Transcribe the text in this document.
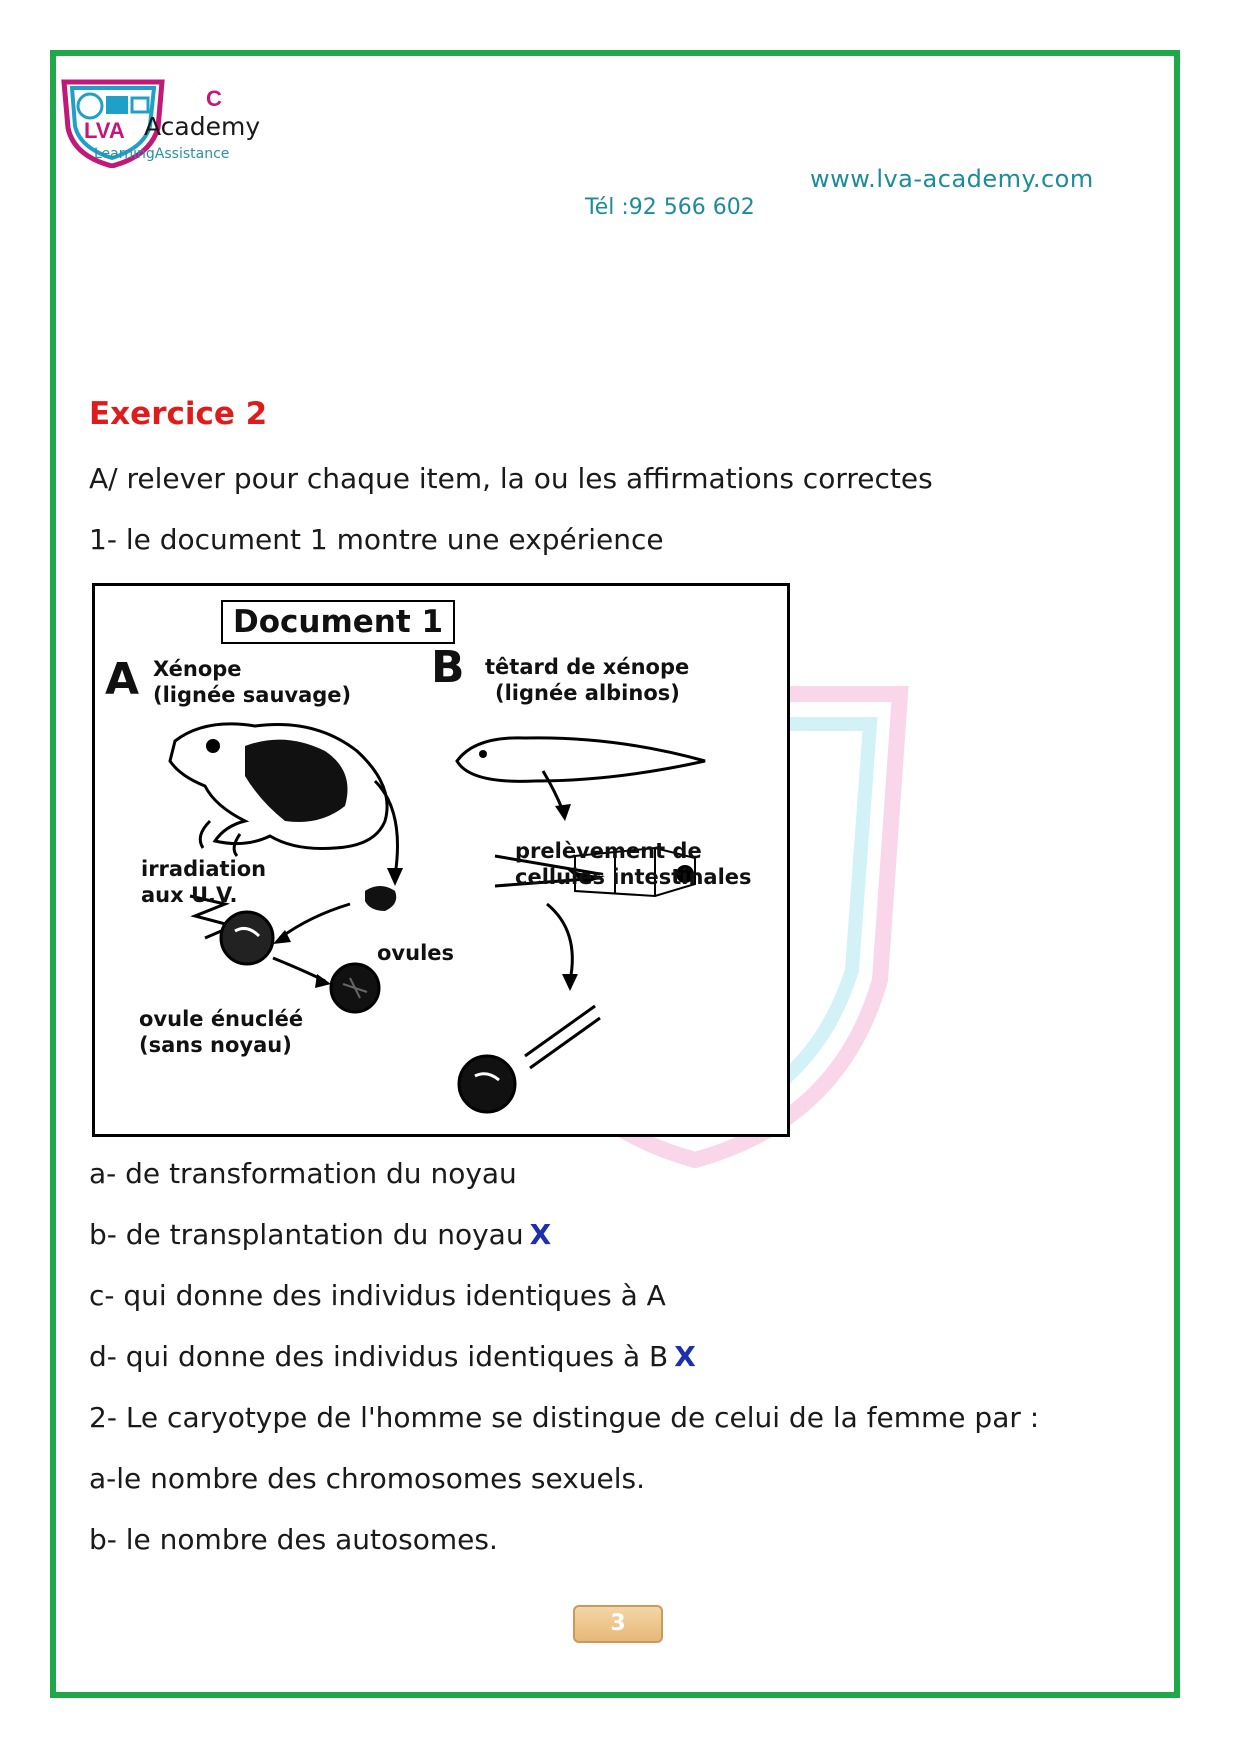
LVA
C
Academy
LearningAssistance
www.lva-academy.com
Tél :92 566 602
Exercice 2
A/ relever pour chaque item, la ou les affirmations correctes
1- le document 1 montre une expérience
Document 1
A Xénope
(lignée sauvage)
B têtard de xénope
(lignée albinos)
irradiation
aux U.V.
ovules
ovule énucléé
(sans noyau)
prelèvement de
cellules intestinales
a- de transformation du noyau
b- de transplantation du noyau X
c- qui donne des individus identiques à A
d- qui donne des individus identiques à B X
2- Le caryotype de l'homme se distingue de celui de la femme par :
a-le nombre des chromosomes sexuels.
b- le nombre des autosomes.
3
